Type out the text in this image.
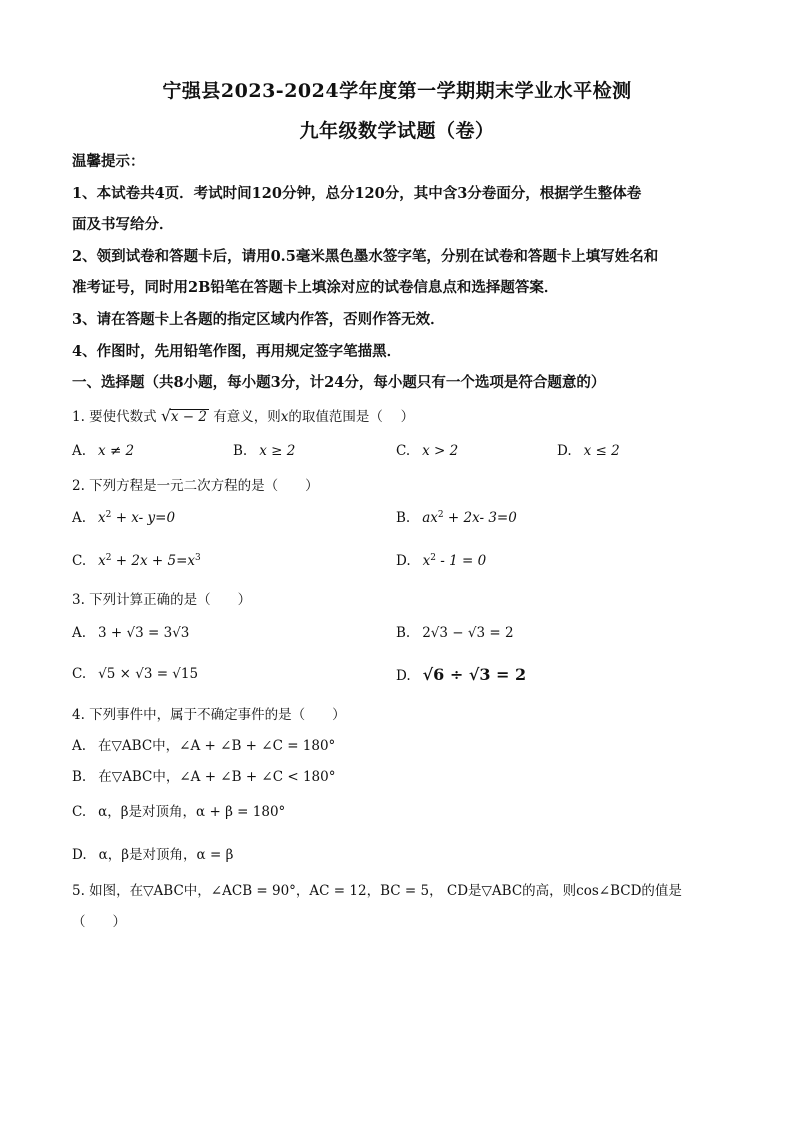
宁强县2023-2024学年度第一学期期末学业水平检测
九年级数学试题（卷）
温馨提示：
1、本试卷共4页．考试时间120分钟，总分120分，其中含3分卷面分，根据学生整体卷
面及书写给分．
2、领到试卷和答题卡后，请用0.5毫米黑色墨水签字笔，分别在试卷和答题卡上填写姓名和
准考证号，同时用2B铅笔在答题卡上填涂对应的试卷信息点和选择题答案．
3、请在答题卡上各题的指定区域内作答，否则作答无效．
4、作图时，先用铅笔作图，再用规定签字笔描黑．
一、选择题（共8小题，每小题3分，计24分，每小题只有一个选项是符合题意的）
1. 要使代数式 √x − 2 有意义，则x的取值范围是（　 ）
A. x ≠ 2	B. x ≥ 2	C. x > 2	D. x ≤ 2
2. 下列方程是一元二次方程的是（　　）
A. $x^2 + x-$ y=0	B. $ax^2 + 2x-$ 3=0
C. $x^2 + 2x + 5=x^3$	D. $x^2 - 1 = 0$
3. 下列计算正确的是（　　）
A. 3 + √3 = 3√3	B. 2√3 − √3 = 2
C. √5 × √3 = √15	D. √6 ÷ √3 = 2
4. 下列事件中，属于不确定事件的是（　　）
A. 在▽ABC中，∠A + ∠B + ∠C = 180°
B. 在▽ABC中，∠A + ∠B + ∠C < 180°
C. α，β是对顶角，α + β = 180°
D. α，β是对顶角，α = β
5. 如图，在▽ABC中，∠ACB = 90°，AC = 12，BC = 5， CD是▽ABC的高，则cos∠BCD的值是
（　　）
